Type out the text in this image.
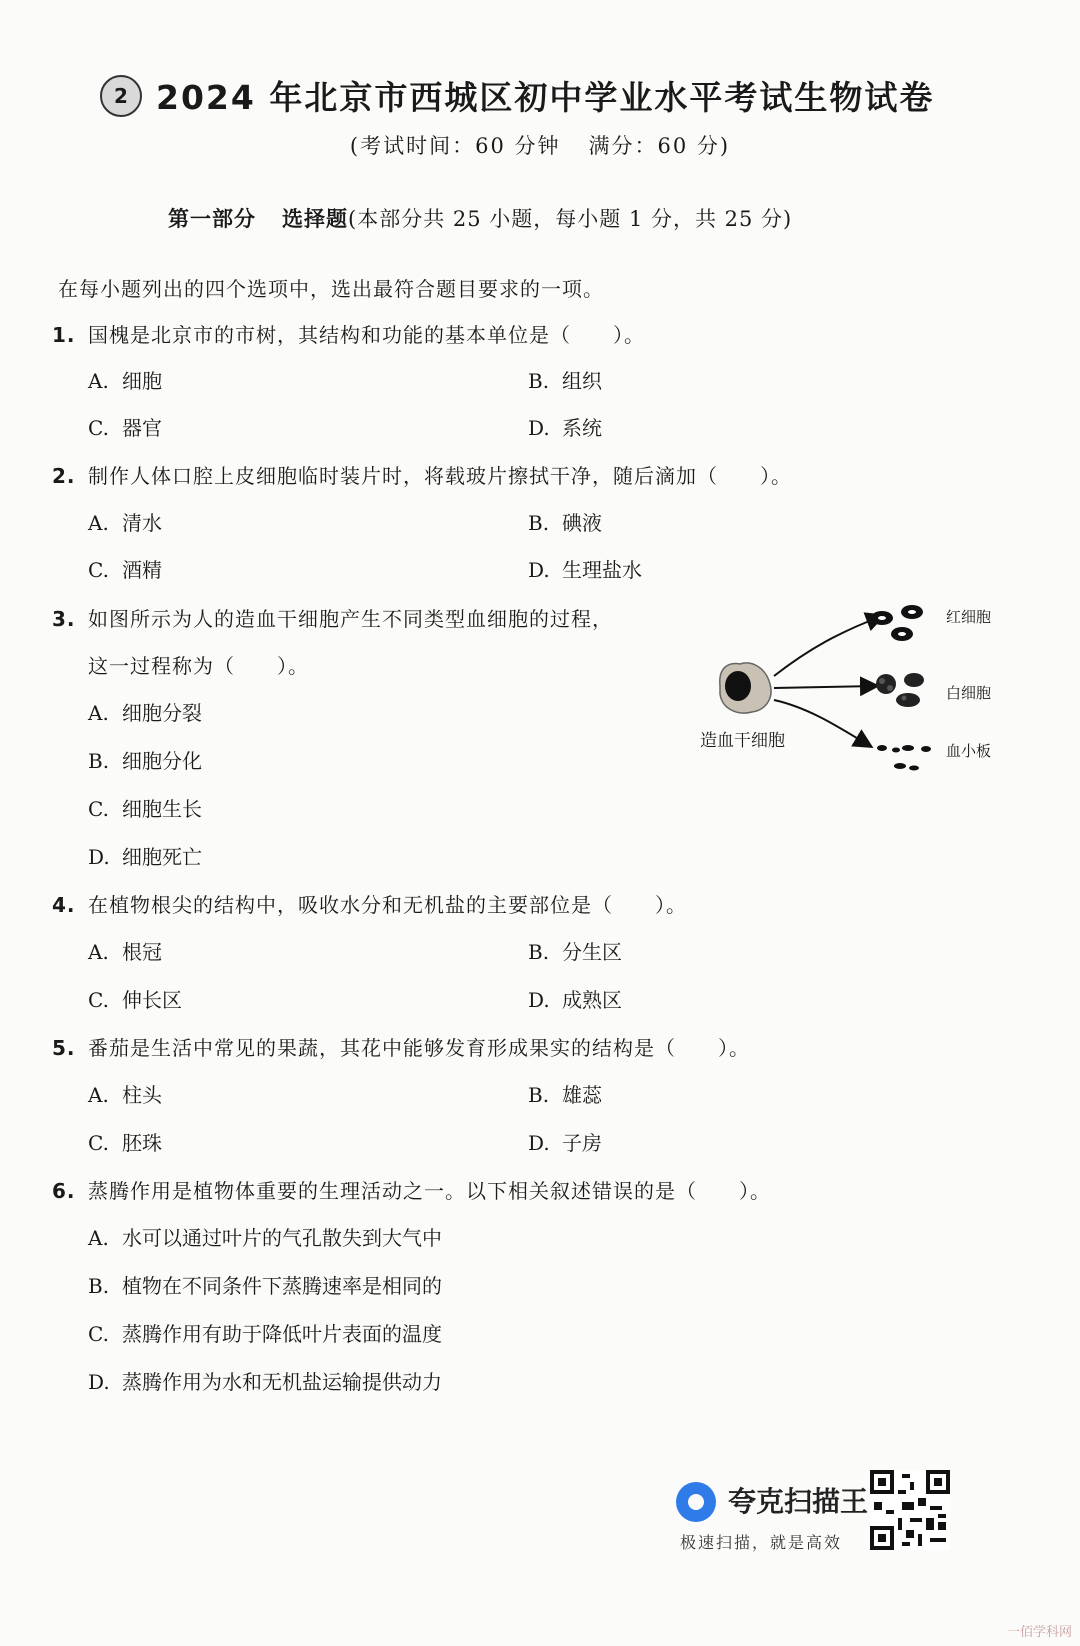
2 2024 年北京市西城区初中学业水平考试生物试卷
(考试时间：60 分钟 满分：60 分)
第一部分 选择题(本部分共 25 小题，每小题 1 分，共 25 分)
在每小题列出的四个选项中，选出最符合题目要求的一项。
1. 国槐是北京市的市树，其结构和功能的基本单位是（　　）。
A. 细胞	B. 组织
C. 器官	D. 系统
2. 制作人体口腔上皮细胞临时装片时，将载玻片擦拭干净，随后滴加（　　）。
A. 清水	B. 碘液
C. 酒精	D. 生理盐水
3. 如图所示为人的造血干细胞产生不同类型血细胞的过程，
这一过程称为（　　）。
A. 细胞分裂
B. 细胞分化
C. 细胞生长
D. 细胞死亡
红细胞
白细胞
血小板
造血干细胞
4. 在植物根尖的结构中，吸收水分和无机盐的主要部位是（　　）。
A. 根冠	B. 分生区
C. 伸长区	D. 成熟区
5. 番茄是生活中常见的果蔬，其花中能够发育形成果实的结构是（　　）。
A. 柱头	B. 雄蕊
C. 胚珠	D. 子房
6. 蒸腾作用是植物体重要的生理活动之一。以下相关叙述错误的是（　　）。
A. 水可以通过叶片的气孔散失到大气中
B. 植物在不同条件下蒸腾速率是相同的
C. 蒸腾作用有助于降低叶片表面的温度
D. 蒸腾作用为水和无机盐运输提供动力
夸克扫描王
极速扫描，就是高效
一佰学科网
